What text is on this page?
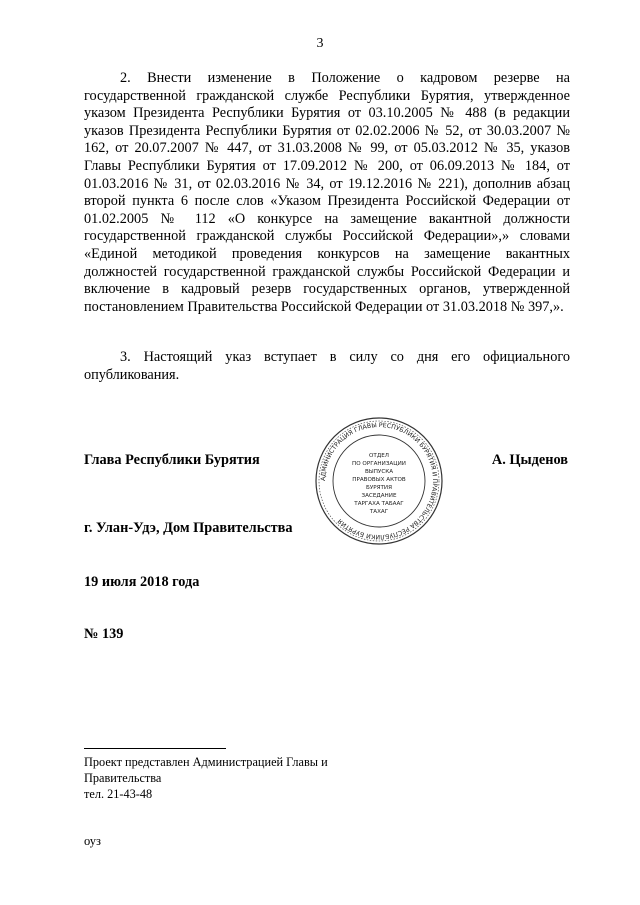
3

2. Внести изменение в Положение о кадровом резерве на государственной гражданской службе Республики Бурятия, утвержденное указом Президента Республики Бурятия от 03.10.2005 № 488 (в редакции указов Президента Республики Бурятия от 02.02.2006 № 52, от 30.03.2007 № 162, от 20.07.2007 № 447, от 31.03.2008 № 99, от 05.03.2012 № 35, указов Главы Республики Бурятия от 17.09.2012 № 200, от 06.09.2013 № 184, от 01.03.2016 № 31, от 02.03.2016 № 34, от 19.12.2016 № 221), дополнив абзац второй пункта 6 после слов «Указом Президента Российской Федерации от 01.02.2005 № 112 «О конкурсе на замещение вакантной должности государственной гражданской службы Российской Федерации»,» словами «Единой методикой проведения конкурсов на замещение вакантных должностей государственной гражданской службы Российской Федерации и включение в кадровый резерв государственных органов, утвержденной постановлением Правительства Российской Федерации от 31.03.2018 № 397,».

3. Настоящий указ вступает в силу со дня его официального опубликования.

Глава Республики Бурятия	А. Цыденов

АДМИНИСТРАЦИЯ ГЛАВЫ РЕСПУБЛИКИ БУРЯТИЯ И ПРАВИТЕЛЬСТВА РЕСПУБЛИКИ БУРЯТИЯ
ОТДЕЛ
ПО ОРГАНИЗАЦИИ
ВЫПУСКА
ПРАВОВЫХ АКТОВ
БУРЯТИЯ
ЗАСЕДАНИЕ
ТАРГАХА ТАБААГ
ТАХАГ

г. Улан-Удэ, Дом Правительства

19 июля 2018 года

№ 139

Проект представлен Администрацией Главы и
Правительства
тел. 21-43-48
оуз
